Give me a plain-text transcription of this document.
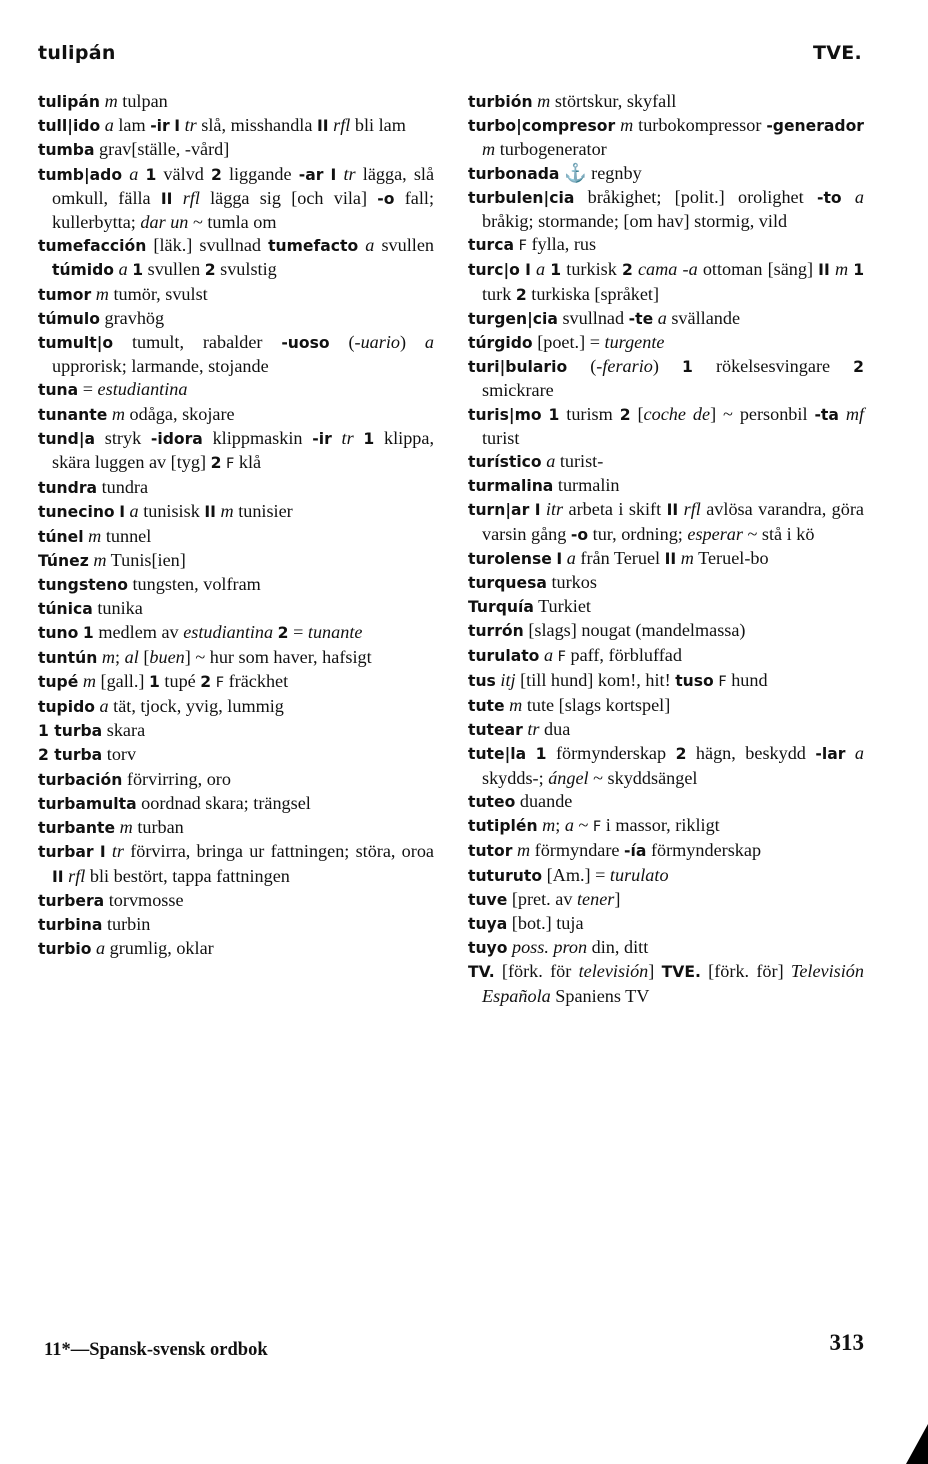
tulipán	TVE.

tulipán m tulpan

tull|ido a lam -ir I tr slå, misshandla II rfl bli lam

tumba grav[ställe, -vård]

tumb|ado a 1 välvd 2 liggande -ar I tr lägga, slå omkull, fälla II rfl lägga sig [och vila] -o fall; kullerbytta; dar un ~ tumla om

tumefacción [läk.] svullnad tumefacto a svullen túmido a 1 svullen 2 svulstig

tumor m tumör, svulst

túmulo gravhög

tumult|o tumult, rabalder -uoso (-uario) a upprorisk; larmande, stojande

tuna = estudiantina

tunante m odåga, skojare

tund|a stryk -idora klippmaskin -ir tr 1 klippa, skära luggen av [tyg] 2 F klå

tundra tundra

tunecino I a tunisisk II m tunisier

túnel m tunnel

Túnez m Tunis[ien]

tungsteno tungsten, volfram

túnica tunika

tuno 1 medlem av estudiantina 2 = tunante

tuntún m; al [buen] ~ hur som haver, hafsigt

tupé m [gall.] 1 tupé 2 F fräckhet

tupido a tät, tjock, yvig, lummig

1 turba skara

2 turba torv

turbación förvirring, oro

turbamulta oordnad skara; trängsel

turbante m turban

turbar I tr förvirra, bringa ur fattningen; störa, oroa II rfl bli bestört, tappa fattningen

turbera torvmosse

turbina turbin

turbio a grumlig, oklar

turbión m störtskur, skyfall

turbo|compresor m turbokompressor -generador m turbogenerator

turbonada ⚓ regnby

turbulen|cia bråkighet; [polit.] orolighet -to a bråkig; stormande; [om hav] stormig, vild

turca F fylla, rus

turc|o I a 1 turkisk 2 cama -a ottoman [säng] II m 1 turk 2 turkiska [språket]

turgen|cia svullnad -te a svällande

túrgido [poet.] = turgente

turi|bulario (-ferario) 1 rökelsesvingare 2 smickrare

turis|mo 1 turism 2 [coche de] ~ personbil -ta mf turist

turístico a turist-

turmalina turmalin

turn|ar I itr arbeta i skift II rfl avlösa varandra, göra varsin gång -o tur, ordning; esperar ~ stå i kö

turolense I a från Teruel II m Teruel-bo

turquesa turkos

Turquía Turkiet

turrón [slags] nougat (mandelmassa)

turulato a F paff, förbluffad

tus itj [till hund] kom!, hit! tuso F hund

tute m tute [slags kortspel]

tutear tr dua

tute|la 1 förmynderskap 2 hägn, beskydd -lar a skydds-; ángel ~ skyddsängel

tuteo duande

tutiplén m; a ~ F i massor, rikligt

tutor m förmyndare -ía förmynderskap

tuturuto [Am.] = turulato

tuve [pret. av tener]

tuya [bot.] tuja

tuyo poss. pron din, ditt

TV. [förk. för televisión] TVE. [förk. för] Televisión Española Spaniens TV

11*—Spansk-svensk ordbok	313
